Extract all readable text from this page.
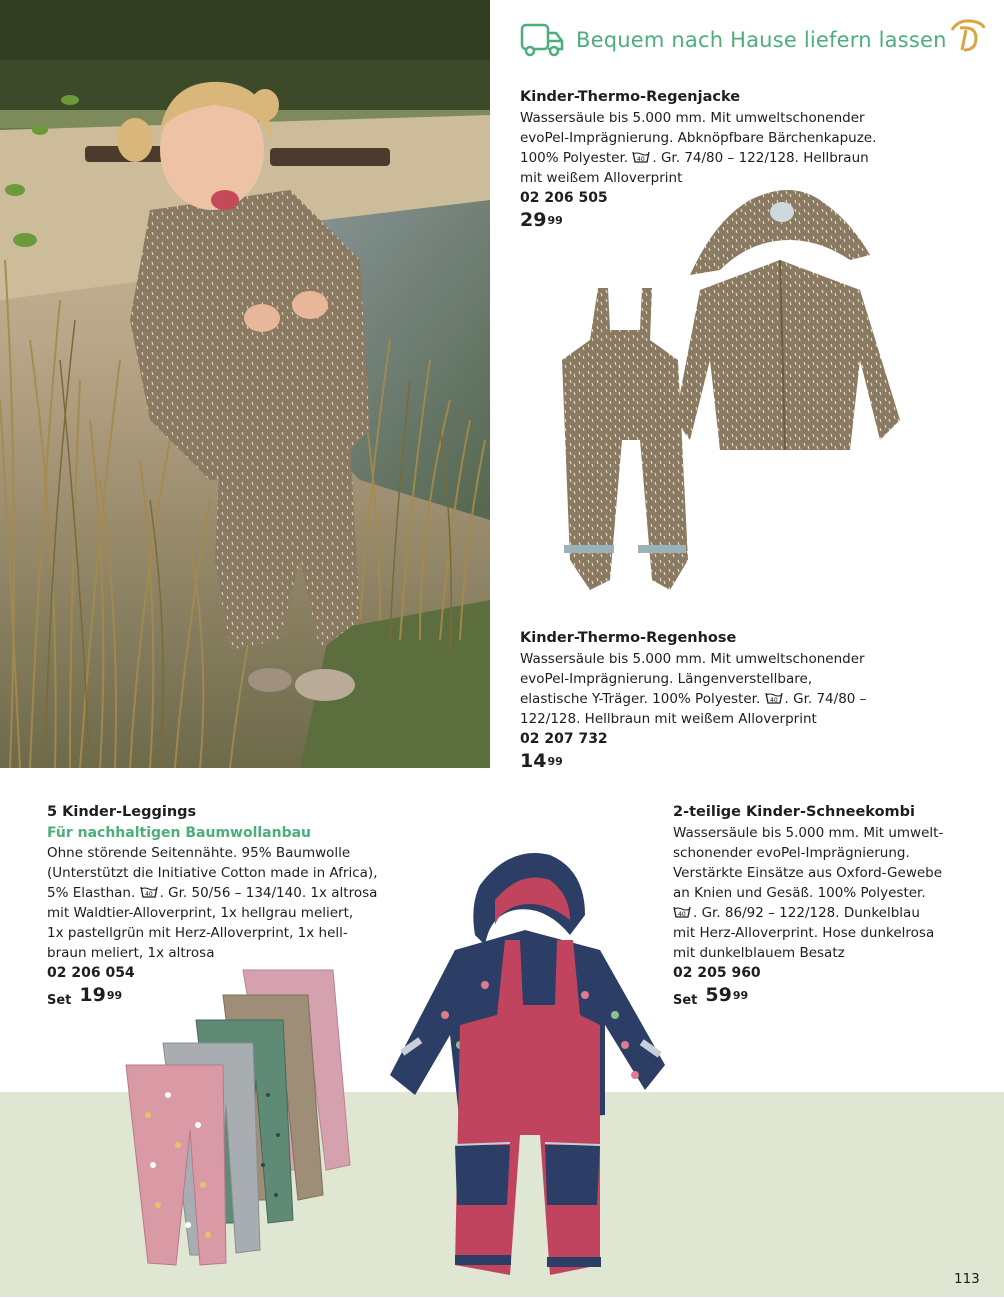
Bequem nach Hause liefern lassen
Kinder-Thermo-Regenjacke
Wassersäule bis 5.000 mm. Mit umweltschonender
evoPel-Imprägnierung. Abknöpfbare Bärchenkapuze.
100% Polyester. 40 . Gr. 74/80 – 122/128. Hellbraun
mit weißem Alloverprint
02 206 505
29 99
Kinder-Thermo-Regenhose
Wassersäule bis 5.000 mm. Mit umweltschonender
evoPel-Imprägnierung. Längenverstellbare,
elastische Y-Träger. 100% Polyester. 40 . Gr. 74/80 –
122/128. Hellbraun mit weißem Alloverprint
02 207 732
14 99
5 Kinder-Leggings
Für nachhaltigen Baumwollanbau
Ohne störende Seitennähte. 95% Baumwolle
(Unterstützt die Initiative Cotton made in Africa),
5% Elasthan. 40 . Gr. 50/56 – 134/140. 1x altrosa
mit Waldtier-Alloverprint, 1x hellgrau meliert,
1x pastellgrün mit Herz-Alloverprint, 1x hell-
braun meliert, 1x altrosa
02 206 054
Set 19 99
2-teilige Kinder-Schneekombi
Wassersäule bis 5.000 mm. Mit umwelt-
schonender evoPel-Imprägnierung.
Verstärkte Einsätze aus Oxford-Gewebe
an Knien und Gesäß. 100% Polyester.
40 . Gr. 86/92 – 122/128. Dunkelblau
mit Herz-Alloverprint. Hose dunkelrosa
mit dunkelblauem Besatz
02 205 960
Set 59 99
113
